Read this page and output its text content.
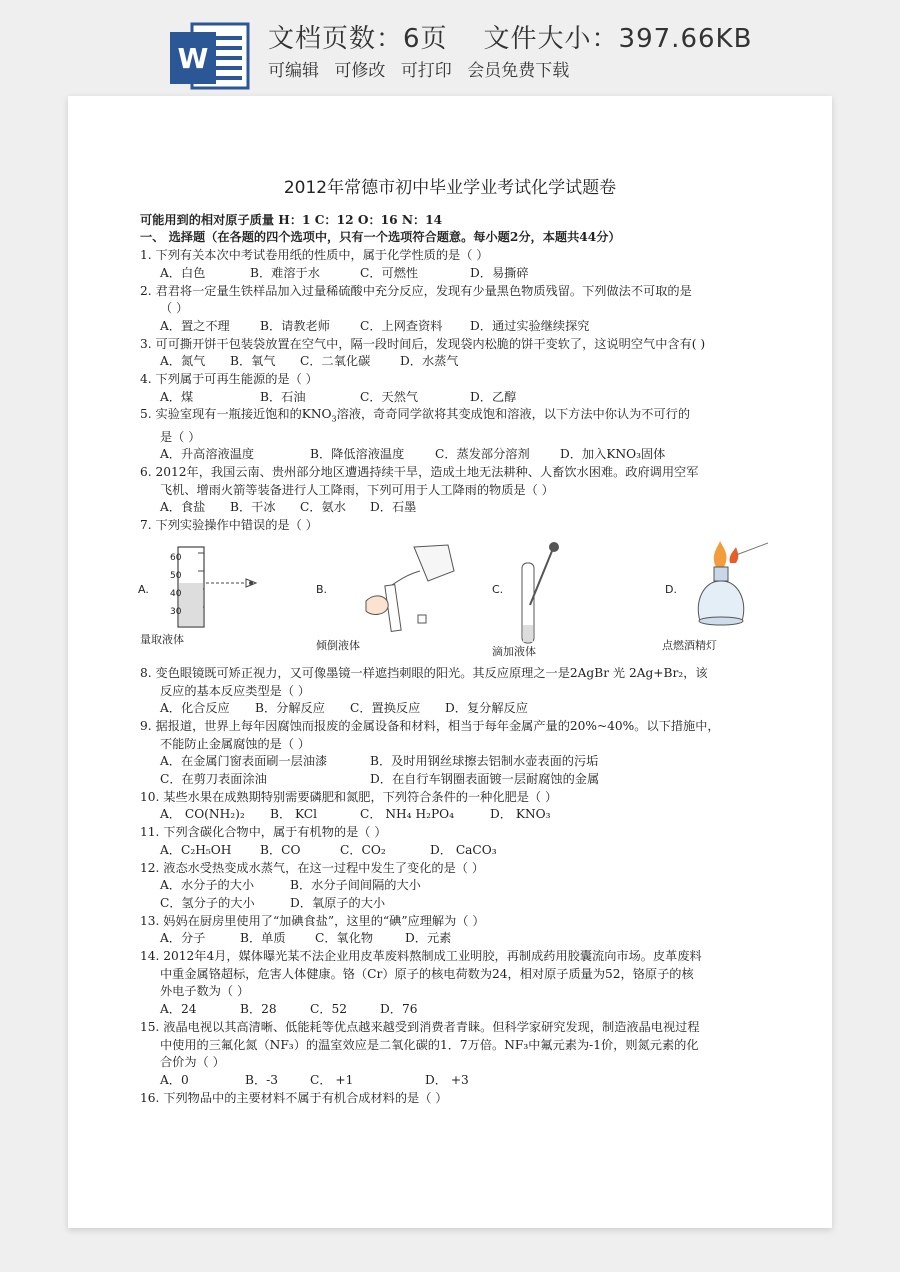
W
文档页数：6页 文件大小：397.66KB
可编辑 可修改 可打印 会员免费下载
2012年常德市初中毕业学业考试化学试题卷
可能用到的相对原子质量 H：1 C：12 O：16 N：14
一、 选择题（在各题的四个选项中，只有一个选项符合题意。每小题2分，本题共44分）
1. 下列有关本次中考试卷用纸的性质中，属于化学性质的是（ ）
A．白色	B．难溶于水	C．可燃性	D．易撕碎
2. 君君将一定量生铁样品加入过量稀硫酸中充分反应，发现有少量黑色物质残留。下列做法不可取的是
（ ）
A．置之不理 B．请教老师 C．上网查资料 D．通过实验继续探究
3. 可可撕开饼干包装袋放置在空气中，隔一段时间后，发现袋内松脆的饼干变软了，这说明空气中含有( )
A．氮气 B．氧气 C．二氧化碳 D．水蒸气
4. 下列属于可再生能源的是（ ）
A．煤	B．石油	C．天然气	D．乙醇
5. 实验室现有一瓶接近饱和的$KNO_3$溶液，奇奇同学欲将其变成饱和溶液，以下方法中你认为不可行的
是（ ）
A．升高溶液温度	B．降低溶液温度	C．蒸发部分溶剂 D．加入KNO₃固体
6. 2012年，我国云南、贵州部分地区遭遇持续干旱，造成土地无法耕种、人畜饮水困难。政府调用空军
飞机、增雨火箭等装备进行人工降雨，下列可用于人工降雨的物质是（ ）
A．食盐 B．干冰 C．氨水 D．石墨
7. 下列实验操作中错误的是（ ）
A.
60
50
40
30
量取液体
B.
倾倒液体
C.
滴加液体
D.
点燃酒精灯
8. 变色眼镜既可矫正视力，又可像墨镜一样遮挡刺眼的阳光。其反应原理之一是2AgBr 光 2Ag+Br₂，该
反应的基本反应类型是（ ）
A．化合反应 B．分解反应 C．置换反应 D．复分解反应
9. 据报道，世界上每年因腐蚀而报废的金属设备和材料，相当于每年金属产量的20%~40%。以下措施中，
不能防止金属腐蚀的是（ ）
A．在金属门窗表面刷一层油漆	B．及时用钢丝球擦去铝制水壶表面的污垢
C．在剪刀表面涂油	D．在自行车钢圈表面镀一层耐腐蚀的金属
10. 某些水果在成熟期特别需要磷肥和氮肥，下列符合条件的一种化肥是（ ）
A． CO(NH₂)₂ B． KCl	C． NH₄ H₂PO₄	D． KNO₃
11. 下列含碳化合物中，属于有机物的是（ ）
A．C₂H₅OH B．CO	C．CO₂	D． CaCO₃
12. 液态水受热变成水蒸气，在这一过程中发生了变化的是（ ）
A．水分子的大小	B．水分子间间隔的大小
C．氢分子的大小	D．氧原子的大小
13. 妈妈在厨房里使用了“加碘食盐”，这里的“碘”应理解为（ ）
A．分子	B．单质 C．氧化物	D．元素
14. 2012年4月，媒体曝光某不法企业用皮革废料熬制成工业明胶，再制成药用胶囊流向市场。皮革废料
中重金属铬超标，危害人体健康。铬（Cr）原子的核电荷数为24，相对原子质量为52，铬原子的核
外电子数为（ ）
A．24	B．28	C．52	D．76
15. 液晶电视以其高清晰、低能耗等优点越来越受到消费者青睐。但科学家研究发现，制造液晶电视过程
中使用的三氟化氮（NF₃）的温室效应是二氧化碳的1．7万倍。NF₃中氟元素为-1价，则氮元素的化
合价为（ ）
A．0	B．-3	C． +1	D． +3
16. 下列物品中的主要材料不属于有机合成材料的是（ ）
